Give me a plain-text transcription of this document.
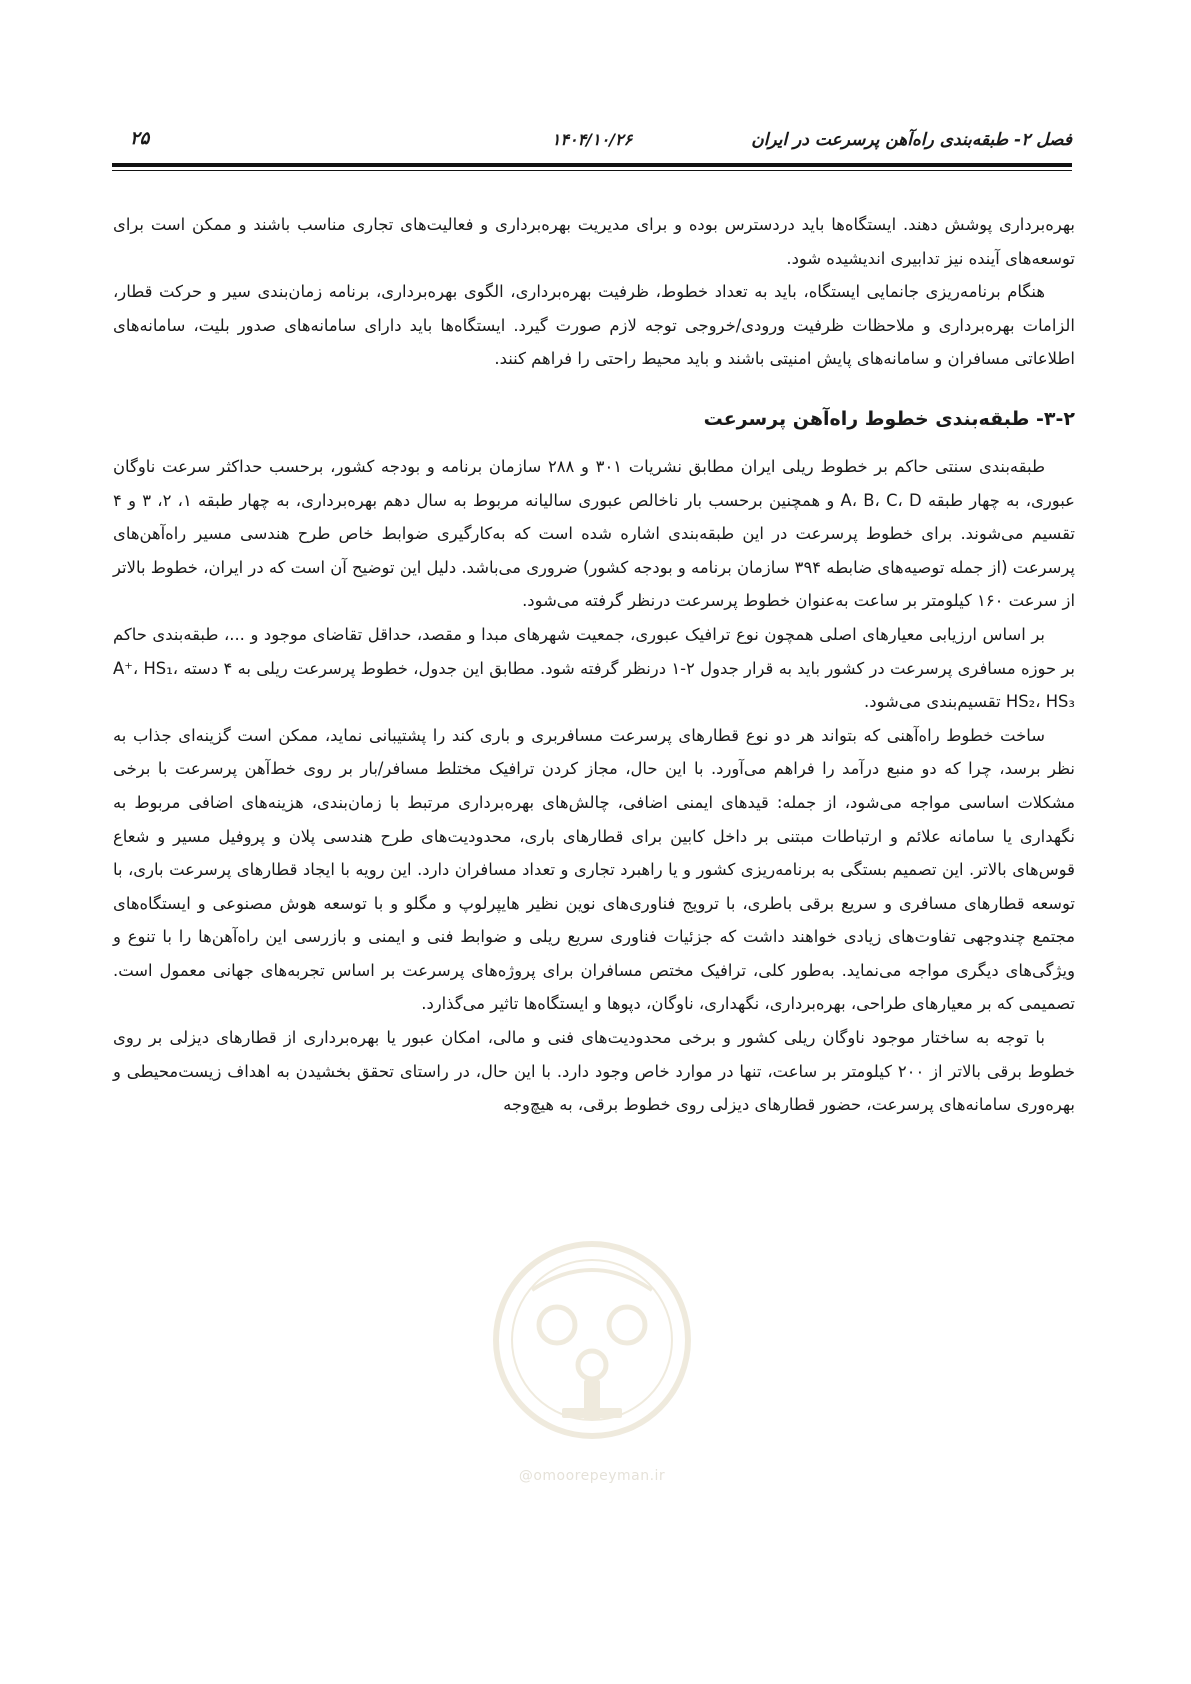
فصل ۲- طبقه‌بندی راه‌آهن پرسرعت در ایران
۱۴۰۴/۱۰/۲۶
۲۵

بهره‌برداری پوشش دهند. ایستگاه‌ها باید دردسترس بوده و برای مدیریت بهره‌برداری و فعالیت‌های تجاری مناسب باشند و ممکن است برای توسعه‌های آینده نیز تدابیری اندیشیده شود.

هنگام برنامه‌ریزی جانمایی ایستگاه، باید به تعداد خطوط، ظرفیت بهره‌برداری، الگوی بهره‌برداری، برنامه زمان‌بندی سیر و حرکت قطار، الزامات بهره‌برداری و ملاحظات ظرفیت ورودی/خروجی توجه لازم صورت گیرد. ایستگاه‌ها باید دارای سامانه‌های صدور بلیت، سامانه‌های اطلاعاتی مسافران و سامانه‌های پایش امنیتی باشند و باید محیط راحتی را فراهم کنند.

۳-۲- طبقه‌بندی خطوط راه‌آهن پرسرعت

طبقه‌بندی سنتی حاکم بر خطوط ریلی ایران مطابق نشریات ۳۰۱ و ۲۸۸ سازمان برنامه و بودجه کشور، برحسب حداکثر سرعت ناوگان عبوری، به چهار طبقه A، B، C، D و همچنین برحسب بار ناخالص عبوری سالیانه مربوط به سال دهم بهره‌برداری، به چهار طبقه ۱، ۲، ۳ و ۴ تقسیم می‌شوند. برای خطوط پرسرعت در این طبقه‌بندی اشاره شده است که به‌کارگیری ضوابط خاص طرح هندسی مسیر راه‌آهن‌های پرسرعت (از جمله توصیه‌های ضابطه ۳۹۴ سازمان برنامه و بودجه کشور) ضروری می‌باشد. دلیل این توضیح آن است که در ایران، خطوط بالاتر از سرعت ۱۶۰ کیلومتر بر ساعت به‌عنوان خطوط پرسرعت درنظر گرفته می‌شود.

بر اساس ارزیابی معیارهای اصلی همچون نوع ترافیک عبوری، جمعیت شهرهای مبدا و مقصد، حداقل تقاضای موجود و ...، طبقه‌بندی حاکم بر حوزه مسافری پرسرعت در کشور باید به قرار جدول ۲-۱ درنظر گرفته شود. مطابق این جدول، خطوط پرسرعت ریلی به ۴ دسته A⁺، HS₁، HS₂، HS₃ تقسیم‌بندی می‌شود.

ساخت خطوط راه‌آهنی که بتواند هر دو نوع قطارهای پرسرعت مسافربری و باری کند را پشتیبانی نماید، ممکن است گزینه‌ای جذاب به نظر برسد، چرا که دو منبع درآمد را فراهم می‌آورد. با این حال، مجاز کردن ترافیک مختلط مسافر/بار بر روی خط‌آهن پرسرعت با برخی مشکلات اساسی مواجه می‌شود، از جمله: قیدهای ایمنی اضافی، چالش‌های بهره‌برداری مرتبط با زمان‌بندی، هزینه‌های اضافی مربوط به نگهداری یا سامانه علائم و ارتباطات مبتنی بر داخل کابین برای قطارهای باری، محدودیت‌های طرح هندسی پلان و پروفیل مسیر و شعاع قوس‌های بالاتر. این تصمیم بستگی به برنامه‌ریزی کشور و یا راهبرد تجاری و تعداد مسافران دارد. این رویه با ایجاد قطارهای پرسرعت باری، با توسعه قطارهای مسافری و سریع برقی باطری، با ترویج فناوری‌های نوین نظیر هایپرلوپ و مگلو و با توسعه هوش مصنوعی و ایستگاه‌های مجتمع چندوجهی تفاوت‌های زیادی خواهند داشت که جزئیات فناوری سریع ریلی و ضوابط فنی و ایمنی و بازرسی این راه‌آهن‌ها را با تنوع و ویژگی‌های دیگری مواجه می‌نماید. به‌طور کلی، ترافیک مختص مسافران برای پروژه‌های پرسرعت بر اساس تجربه‌های جهانی معمول است. تصمیمی که بر معیارهای طراحی، بهره‌برداری، نگهداری، ناوگان، دپوها و ایستگاه‌ها تاثیر می‌گذارد.

با توجه به ساختار موجود ناوگان ریلی کشور و برخی محدودیت‌های فنی و مالی، امکان عبور یا بهره‌برداری از قطارهای دیزلی بر روی خطوط برقی بالاتر از ۲۰۰ کیلومتر بر ساعت، تنها در موارد خاص وجود دارد. با این حال، در راستای تحقق بخشیدن به اهداف زیست‌محیطی و بهره‌وری سامانه‌های پرسرعت، حضور قطارهای دیزلی روی خطوط برقی، به هیچ‌وجه

@omoorepeyman.ir
